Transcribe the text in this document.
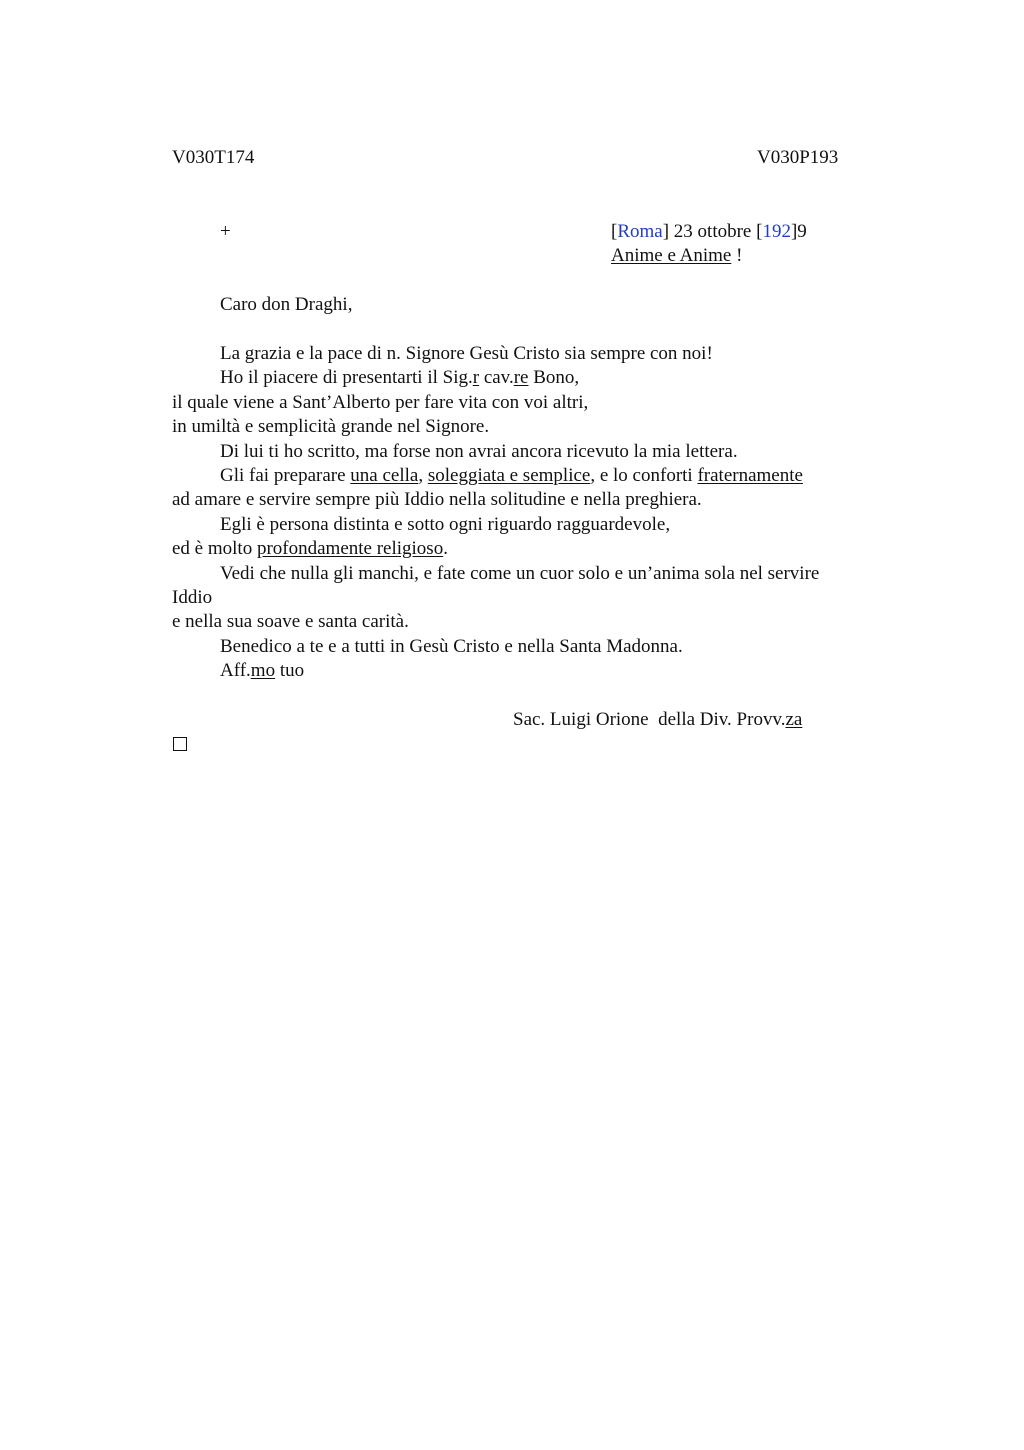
V030T174	V030P193
+	[Roma] 23 ottobre [192]9
Anime e Anime !
Caro don Draghi,
La grazia e la pace di n. Signore Gesù Cristo sia sempre con noi!
Ho il piacere di presentarti il Sig.r cav.re Bono,
il quale viene a Sant’Alberto per fare vita con voi altri,
in umiltà e semplicità grande nel Signore.
Di lui ti ho scritto, ma forse non avrai ancora ricevuto la mia lettera.
Gli fai preparare una cella, soleggiata e semplice, e lo conforti fraternamente
ad amare e servire sempre più Iddio nella solitudine e nella preghiera.
Egli è persona distinta e sotto ogni riguardo ragguardevole,
ed è molto profondamente religioso.
Vedi che nulla gli manchi, e fate come un cuor solo e un’anima sola nel servire
Iddio
e nella sua soave e santa carità.
Benedico a te e a tutti in Gesù Cristo e nella Santa Madonna.
Aff.mo tuo
Sac. Luigi Orione  della Div. Provv.za
